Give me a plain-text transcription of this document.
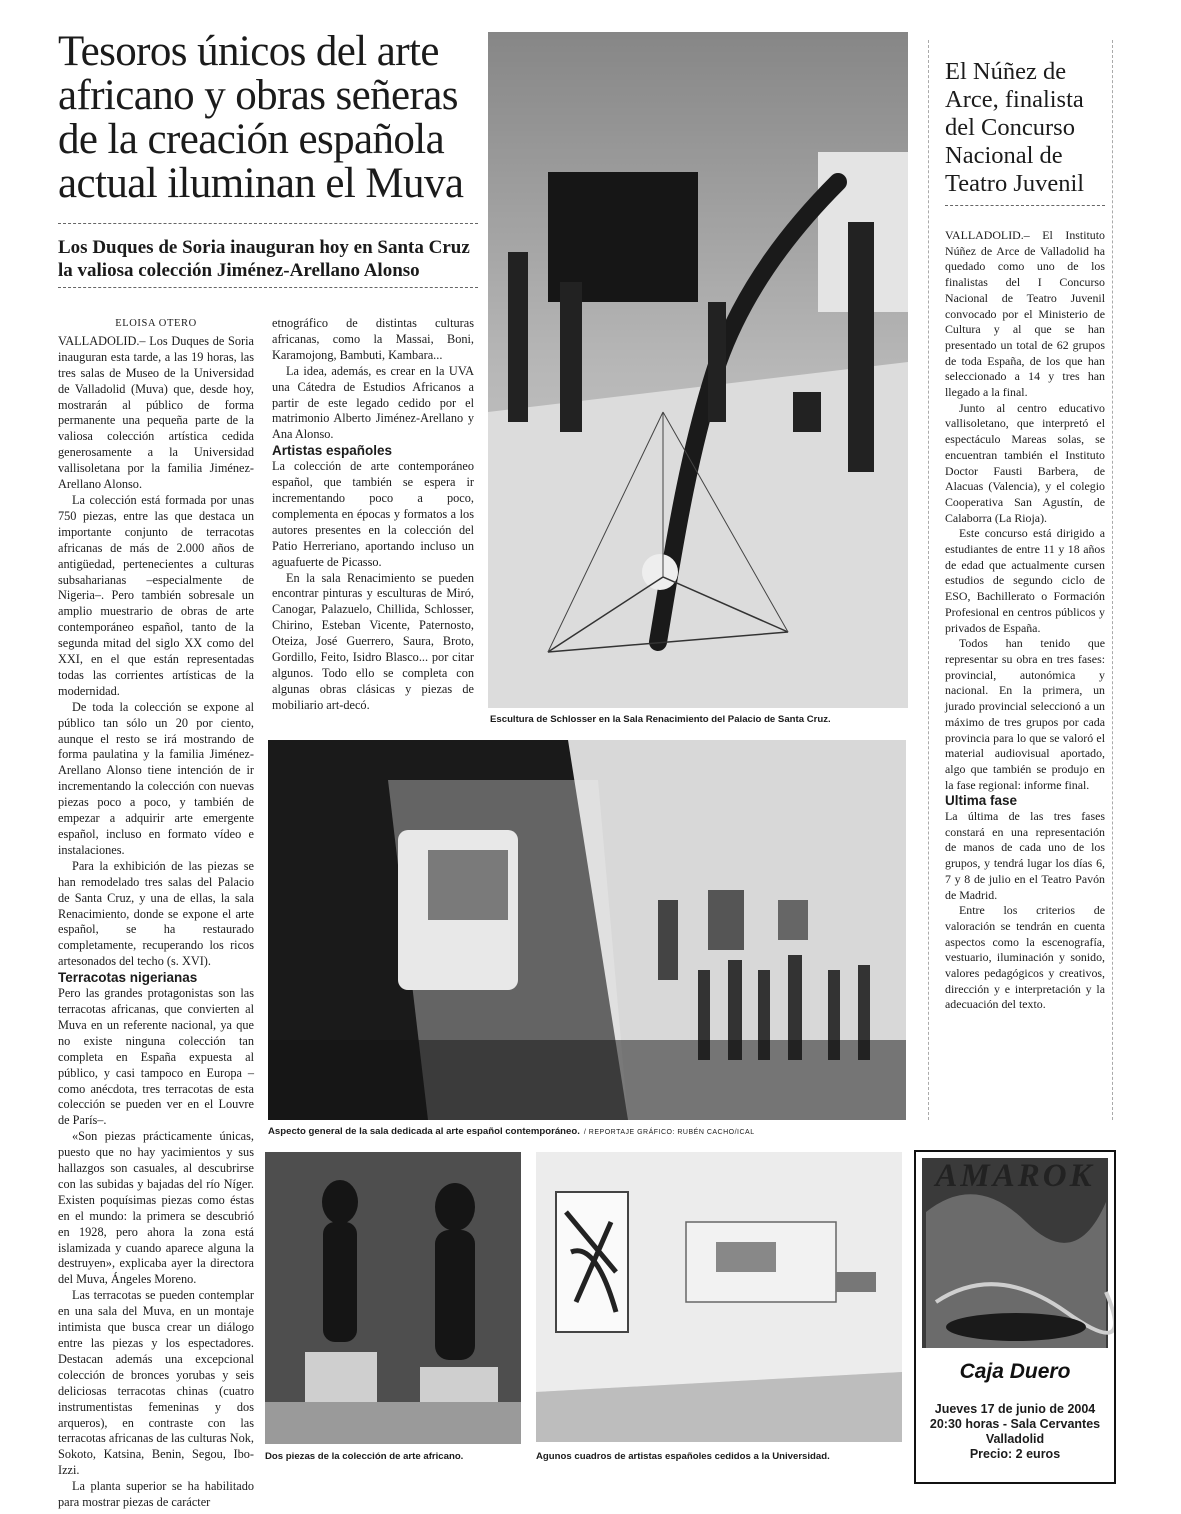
Tesoros únicos del arte africano y obras señeras de la creación española actual iluminan el Muva
Los Duques de Soria inauguran hoy en Santa Cruz la valiosa colección Jiménez-Arellano Alonso
ELOISA OTERO

VALLADOLID.– Los Duques de Soria inauguran esta tarde, a las 19 horas, las tres salas de Museo de la Universidad de Valladolid (Muva) que, desde hoy, mostrarán al público de forma permanente una pequeña parte de la valiosa colección artística cedida generosamente a la Universidad vallisoletana por la familia Jiménez-Arellano Alonso.

La colección está formada por unas 750 piezas, entre las que destaca un importante conjunto de terracotas africanas de más de 2.000 años de antigüedad, pertenecientes a culturas subsaharianas –especialmente de Nigeria–. Pero también sobresale un amplio muestrario de obras de arte contemporáneo español, tanto de la segunda mitad del siglo XX como del XXI, en el que están representadas todas las corrientes artísticas de la modernidad.

De toda la colección se expone al público tan sólo un 20 por ciento, aunque el resto se irá mostrando de forma paulatina y la familia Jiménez-Arellano Alonso tiene intención de ir incrementando la colección con nuevas piezas poco a poco, y también de empezar a adquirir arte emergente español, incluso en formato vídeo e instalaciones.

Para la exhibición de las piezas se han remodelado tres salas del Palacio de Santa Cruz, y una de ellas, la sala Renacimiento, donde se expone el arte español, se ha restaurado completamente, recuperando los ricos artesonados del techo (s. XVI).

Terracotas nigerianas

Pero las grandes protagonistas son las terracotas africanas, que convierten al Muva en un referente nacional, ya que no existe ninguna colección tan completa en España expuesta al público, y casi tampoco en Europa –como anécdota, tres terracotas de esta colección se pueden ver en el Louvre de París–.

«Son piezas prácticamente únicas, puesto que no hay yacimientos y sus hallazgos son casuales, al descubrirse con las subidas y bajadas del río Níger. Existen poquísimas piezas como éstas en el mundo: la primera se descubrió en 1928, pero ahora la zona está islamizada y cuando aparece alguna la destruyen», explicaba ayer la directora del Muva, Ángeles Moreno.

Las terracotas se pueden contemplar en una sala del Muva, en un montaje intimista que busca crear un diálogo entre las piezas y los espectadores. Destacan además una excepcional colección de bronces yorubas y seis deliciosas terracotas chinas (cuatro instrumentistas femeninas y dos arqueros), en contraste con las terracotas africanas de las culturas Nok, Sokoto, Katsina, Benin, Segou, Ibo-Izzi.

La planta superior se ha habilitado para mostrar piezas de carácter

etnográfico de distintas culturas africanas, como la Massai, Boni, Karamojong, Bambuti, Kambara...

La idea, además, es crear en la UVA una Cátedra de Estudios Africanos a partir de este legado cedido por el matrimonio Alberto Jiménez-Arellano y Ana Alonso.

Artistas españoles

La colección de arte contemporáneo español, que también se espera ir incrementando poco a poco, complementa en épocas y formatos a los autores presentes en la colección del Patio Herreriano, aportando incluso un aguafuerte de Picasso.

En la sala Renacimiento se pueden encontrar pinturas y esculturas de Miró, Canogar, Palazuelo, Chillida, Schlosser, Chirino, Esteban Vicente, Paternosto, Oteiza, José Guerrero, Saura, Broto, Gordillo, Feito, Isidro Blasco... por citar algunos. Todo ello se completa con algunas obras clásicas y piezas de mobiliario art-decó.

Escultura de Schlosser en la Sala Renacimiento del Palacio de Santa Cruz.
Aspecto general de la sala dedicada al arte español contemporáneo. / REPORTAJE GRÁFICO: RUBÉN CACHO/ICAL
Dos piezas de la colección de arte africano.	Agunos cuadros de artistas españoles cedidos a la Universidad.
El Núñez de Arce, finalista del Concurso Nacional de Teatro Juvenil

VALLADOLID.– El Instituto Núñez de Arce de Valladolid ha quedado como uno de los finalistas del I Concurso Nacional de Teatro Juvenil convocado por el Ministerio de Cultura y al que se han presentado un total de 62 grupos de toda España, de los que han seleccionado a 14 y tres han llegado a la final.

Junto al centro educativo vallisoletano, que interpretó el espectáculo Mareas solas, se encuentran también el Instituto Doctor Fausti Barbera, de Alacuas (Valencia), y el colegio Cooperativa San Agustín, de Calaborra (La Rioja).

Este concurso está dirigido a estudiantes de entre 11 y 18 años de edad que actualmente cursen estudios de segundo ciclo de ESO, Bachillerato o Formación Profesional en centros públicos y privados de España.

Todos han tenido que representar su obra en tres fases: provincial, autonómica y nacional. En la primera, un jurado provincial seleccionó a un máximo de tres grupos por cada provincia para lo que se valoró el material audiovisual aportado, algo que también se produjo en la fase regional: informe final.

Ultima fase

La última de las tres fases constará en una representación de manos de cada uno de los grupos, y tendrá lugar los días 6, 7 y 8 de julio en el Teatro Pavón de Madrid.

Entre los criterios de valoración se tendrán en cuenta aspectos como la escenografía, vestuario, iluminación y sonido, valores pedagógicos y creativos, dirección y e interpretación y la adecuación del texto.

AMAROK
Caja Duero
Jueves 17 de junio de 2004
20:30 horas - Sala Cervantes
Valladolid
Precio: 2 euros
